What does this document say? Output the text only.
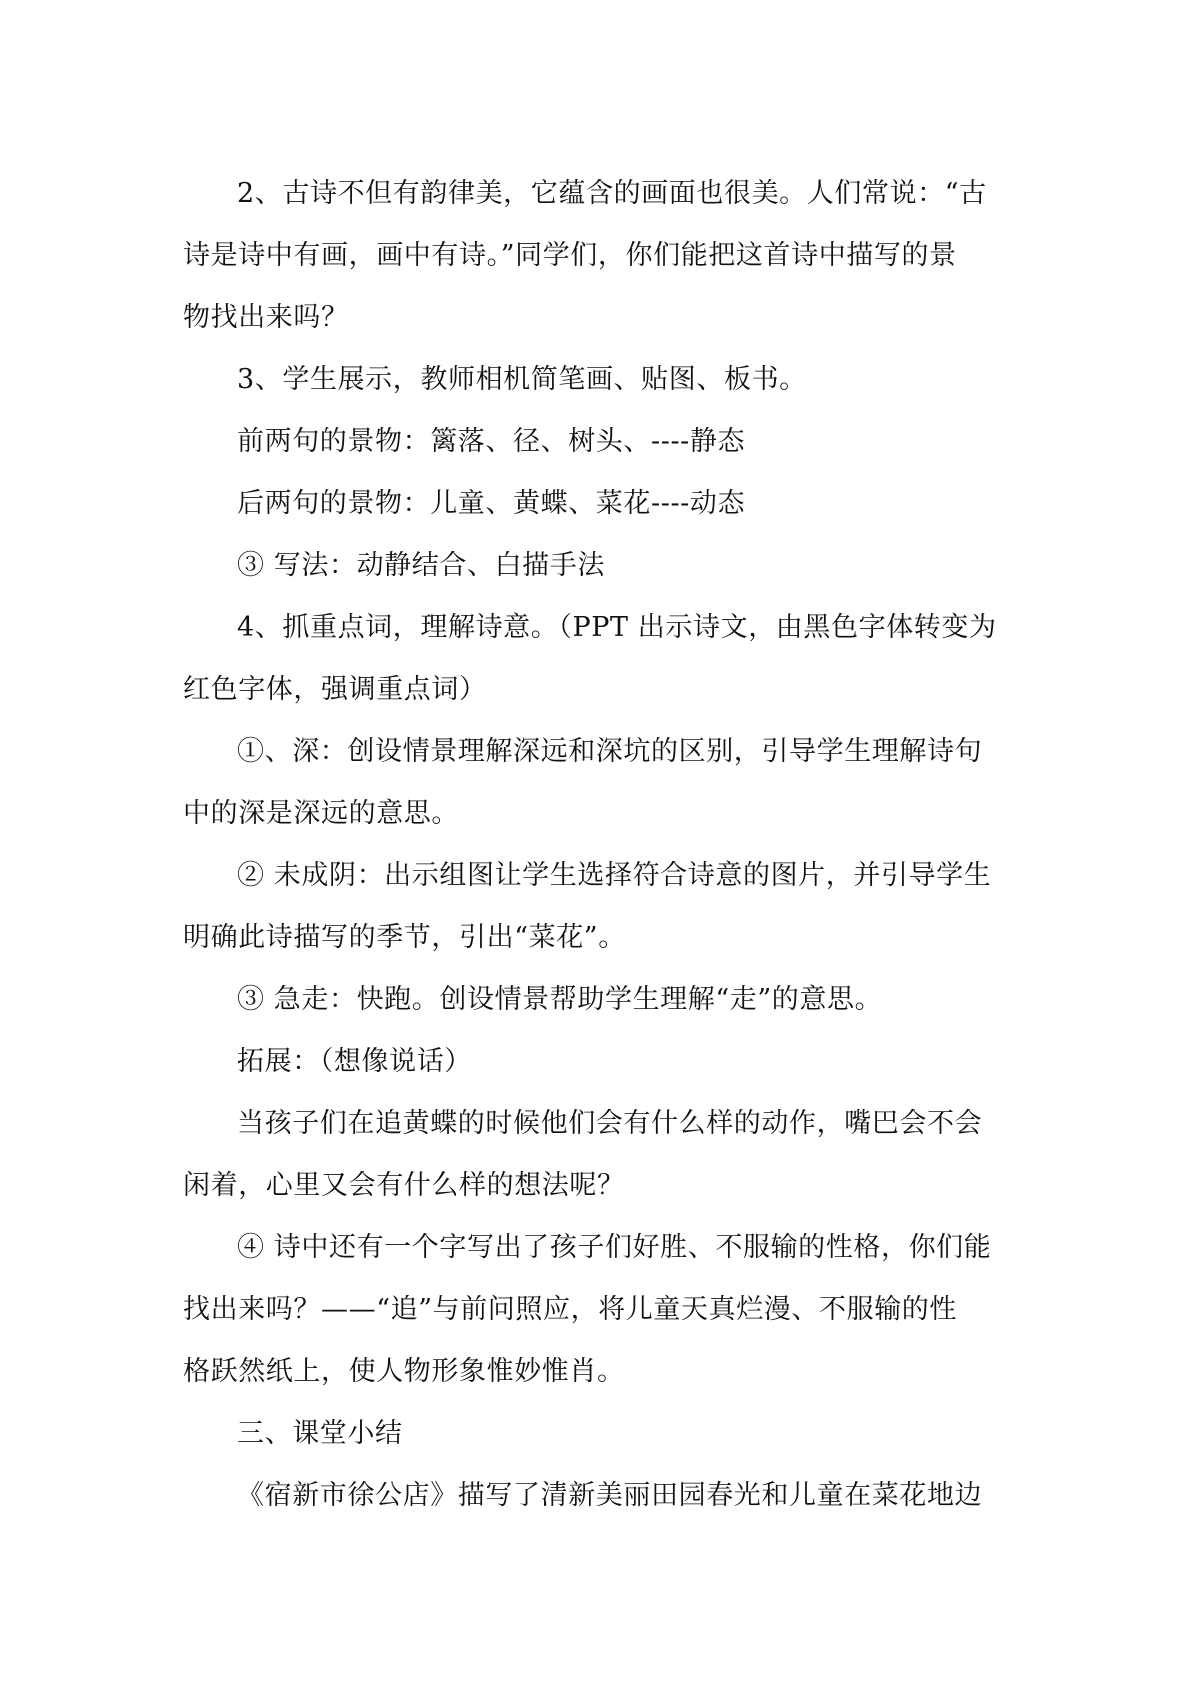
2、古诗不但有韵律美，它蕴含的画面也很美。人们常说：“古
诗是诗中有画，画中有诗。”同学们，你们能把这首诗中描写的景
物找出来吗？
3、学生展示，教师相机简笔画、贴图、板书。
前两句的景物：篱落、径、树头、----静态
后两句的景物：儿童、黄蝶、菜花----动态
③ 写法：动静结合、白描手法
4、抓重点词，理解诗意。（PPT 出示诗文，由黑色字体转变为
红色字体，强调重点词）
①、深：创设情景理解深远和深坑的区别，引导学生理解诗句
中的深是深远的意思。
② 未成阴：出示组图让学生选择符合诗意的图片，并引导学生
明确此诗描写的季节，引出“菜花”。
③ 急走：快跑。创设情景帮助学生理解“走”的意思。
拓展：（想像说话）
当孩子们在追黄蝶的时候他们会有什么样的动作，嘴巴会不会
闲着，心里又会有什么样的想法呢？
④ 诗中还有一个字写出了孩子们好胜、不服输的性格，你们能
找出来吗？——“追”与前问照应，将儿童天真烂漫、不服输的性
格跃然纸上，使人物形象惟妙惟肖。
三、课堂小结
《宿新市徐公店》描写了清新美丽田园春光和儿童在菜花地边
